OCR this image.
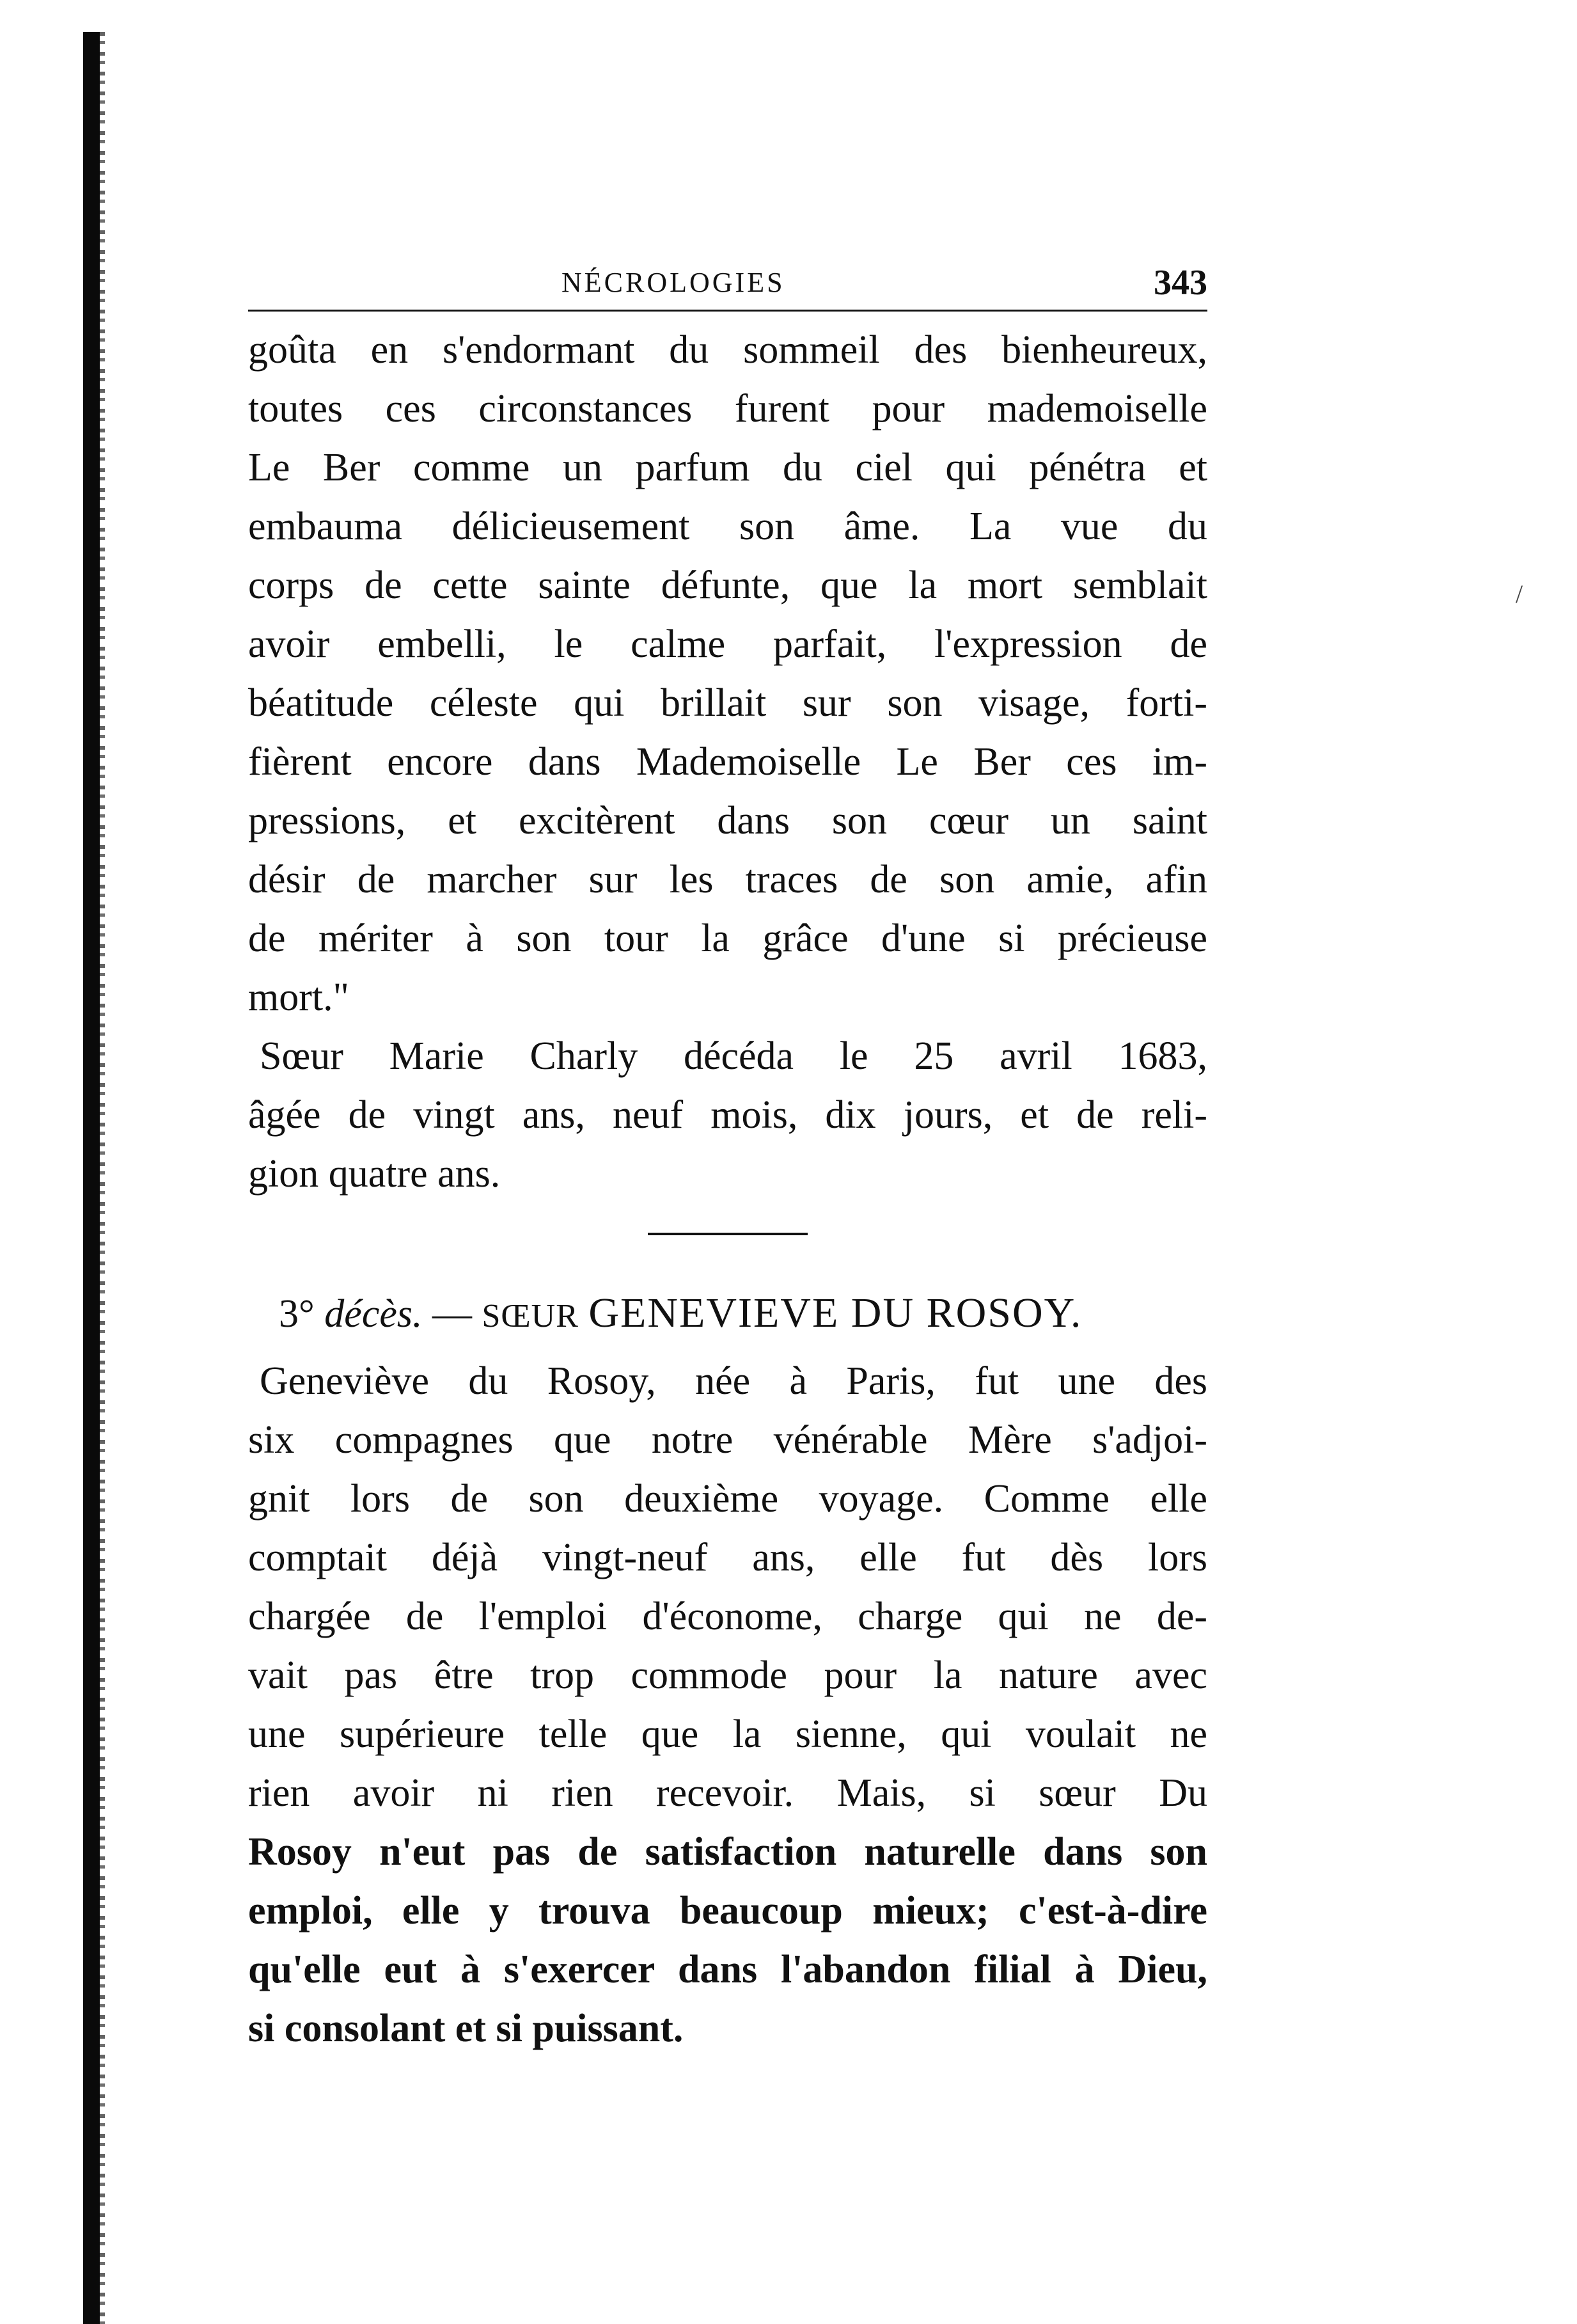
/
NÉCROLOGIES	343
goûta en s'endormant du sommeil des bienheureux,
toutes ces circonstances furent pour mademoiselle
Le Ber comme un parfum du ciel qui pénétra et
embauma délicieusement son âme. La vue du
corps de cette sainte défunte, que la mort semblait
avoir embelli, le calme parfait, l'expression de
béatitude céleste qui brillait sur son visage, forti-
fièrent encore dans Mademoiselle Le Ber ces im-
pressions, et excitèrent dans son cœur un saint
désir de marcher sur les traces de son amie, afin
de mériter à son tour la grâce d'une si précieuse
mort."
Sœur Marie Charly décéda le 25 avril 1683,
âgée de vingt ans, neuf mois, dix jours, et de reli-
gion quatre ans.
3° décès. — SŒUR GENEVIEVE DU ROSOY.
Geneviève du Rosoy, née à Paris, fut une des
six compagnes que notre vénérable Mère s'adjoi-
gnit lors de son deuxième voyage. Comme elle
comptait déjà vingt-neuf ans, elle fut dès lors
chargée de l'emploi d'économe, charge qui ne de-
vait pas être trop commode pour la nature avec
une supérieure telle que la sienne, qui voulait ne
rien avoir ni rien recevoir. Mais, si sœur Du
Rosoy n'eut pas de satisfaction naturelle dans son
emploi, elle y trouva beaucoup mieux; c'est-à-dire
qu'elle eut à s'exercer dans l'abandon filial à Dieu,
si consolant et si puissant.
